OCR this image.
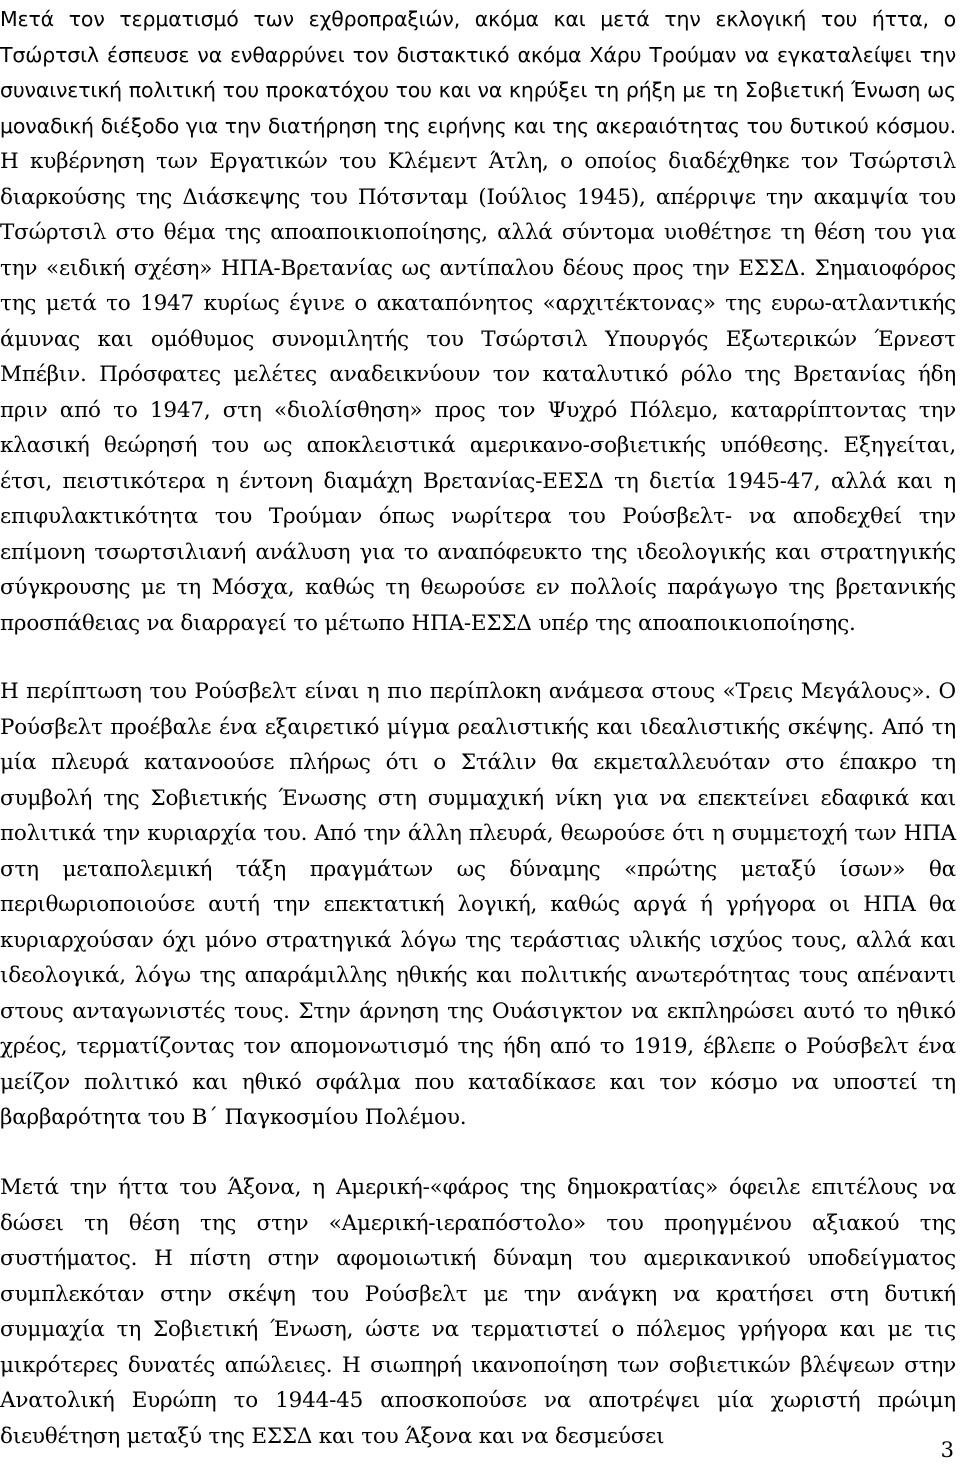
Μετά τον τερματισμό των εχθροπραξιών, ακόμα και μετά την εκλογική του ήττα, ο Τσώρτσιλ έσπευσε να ενθαρρύνει τον διστακτικό ακόμα Χάρυ Τρούμαν να εγκαταλείψει την συναινετική πολιτική του προκατόχου του και να κηρύξει τη ρήξη με τη Σοβιετική Ένωση ως μοναδική διέξοδο για την διατήρηση της ειρήνης και της ακεραιότητας του δυτικού κόσμου. Η κυβέρνηση των Εργατικών του Κλέμεντ Άτλη, ο οποίος διαδέχθηκε τον Τσώρτσιλ διαρκούσης της Διάσκεψης του Πότσνταμ (Ιούλιος 1945), απέρριψε την ακαμψία του Τσώρτσιλ στο θέμα της αποαποικιοποίησης, αλλά σύντομα υιοθέτησε τη θέση του για την «ειδική σχέση» ΗΠΑ-Βρετανίας ως αντίπαλου δέους προς την ΕΣΣΔ. Σημαιοφόρος της μετά το 1947 κυρίως έγινε ο ακαταπόνητος «αρχιτέκτονας» της ευρω-ατλαντικής άμυνας και ομόθυμος συνομιλητής του Τσώρτσιλ Υπουργός Εξωτερικών Έρνεστ Μπέβιν. Πρόσφατες μελέτες αναδεικνύουν τον καταλυτικό ρόλο της Βρετανίας ήδη πριν από το 1947, στη «διολίσθηση» προς τον Ψυχρό Πόλεμο, καταρρίπτοντας την κλασική θεώρησή του ως αποκλειστικά αμερικανο-σοβιετικής υπόθεσης. Εξηγείται, έτσι, πειστικότερα η έντονη διαμάχη Βρετανίας-ΕΕΣΔ τη διετία 1945-47, αλλά και η επιφυλακτικότητα του Τρούμαν όπως νωρίτερα του Ρούσβελτ- να αποδεχθεί την επίμονη τσωρτσιλιανή ανάλυση για το αναπόφευκτο της ιδεολογικής και στρατηγικής σύγκρουσης με τη Μόσχα, καθώς τη θεωρούσε εν πολλοίς παράγωγο της βρετανικής προσπάθειας να διαρραγεί το μέτωπο ΗΠΑ-ΕΣΣΔ υπέρ της αποαποικιοποίησης.

Η περίπτωση του Ρούσβελτ είναι η πιο περίπλοκη ανάμεσα στους «Τρεις Μεγάλους». Ο Ρούσβελτ προέβαλε ένα εξαιρετικό μίγμα ρεαλιστικής και ιδεαλιστικής σκέψης. Από τη μία πλευρά κατανοούσε πλήρως ότι ο Στάλιν θα εκμεταλλευόταν στο έπακρο τη συμβολή της Σοβιετικής Ένωσης στη συμμαχική νίκη για να επεκτείνει εδαφικά και πολιτικά την κυριαρχία του. Από την άλλη πλευρά, θεωρούσε ότι η συμμετοχή των ΗΠΑ στη μεταπολεμική τάξη πραγμάτων ως δύναμης «πρώτης μεταξύ ίσων» θα περιθωριοποιούσε αυτή την επεκτατική λογική, καθώς αργά ή γρήγορα οι ΗΠΑ θα κυριαρχούσαν όχι μόνο στρατηγικά λόγω της τεράστιας υλικής ισχύος τους, αλλά και ιδεολογικά, λόγω της απαράμιλλης ηθικής και πολιτικής ανωτερότητας τους απέναντι στους ανταγωνιστές τους. Στην άρνηση της Ουάσιγκτον να εκπληρώσει αυτό το ηθικό χρέος, τερματίζοντας τον απομονωτισμό της ήδη από το 1919, έβλεπε ο Ρούσβελτ ένα μείζον πολιτικό και ηθικό σφάλμα που καταδίκασε και τον κόσμο να υποστεί τη βαρβαρότητα του Β΄ Παγκοσμίου Πολέμου.

Μετά την ήττα του Άξονα, η Αμερική-«φάρος της δημοκρατίας» όφειλε επιτέλους να δώσει τη θέση της στην «Αμερική-ιεραπόστολο» του προηγμένου αξιακού της συστήματος. Η πίστη στην αφομοιωτική δύναμη του αμερικανικού υποδείγματος συμπλεκόταν στην σκέψη του Ρούσβελτ με την ανάγκη να κρατήσει στη δυτική συμμαχία τη Σοβιετική Ένωση, ώστε να τερματιστεί ο πόλεμος γρήγορα και με τις μικρότερες δυνατές απώλειες. Η σιωπηρή ικανοποίηση των σοβιετικών βλέψεων στην Ανατολική Ευρώπη το 1944-45 αποσκοπούσε να αποτρέψει μία χωριστή πρώιμη διευθέτηση μεταξύ της ΕΣΣΔ και του Άξονα και να δεσμεύσει

3
